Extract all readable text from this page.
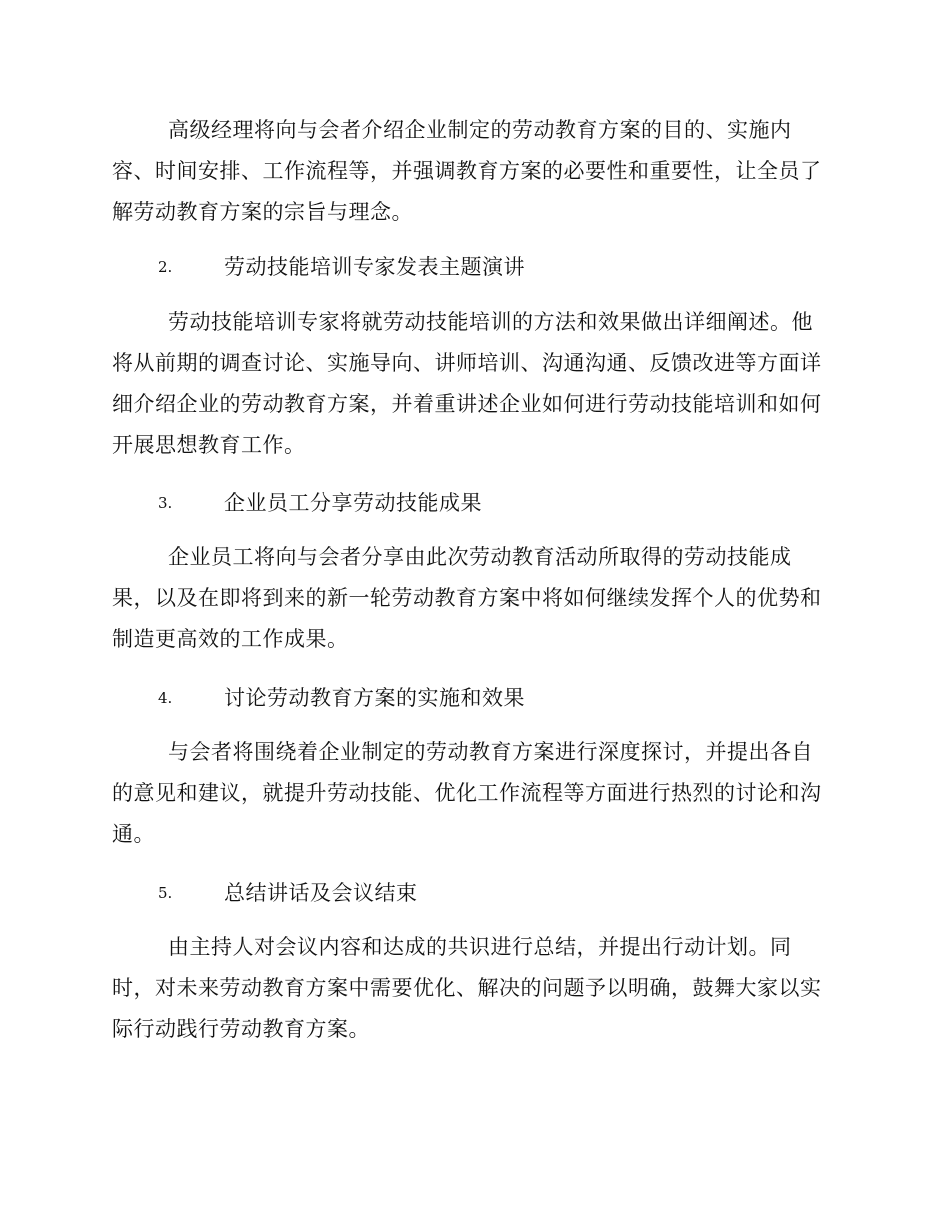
高级经理将向与会者介绍企业制定的劳动教育方案的目的、实施内
容、时间安排、工作流程等，并强调教育方案的必要性和重要性，让全员了
解劳动教育方案的宗旨与理念。
2. 劳动技能培训专家发表主题演讲
劳动技能培训专家将就劳动技能培训的方法和效果做出详细阐述。他
将从前期的调查讨论、实施导向、讲师培训、沟通沟通、反馈改进等方面详
细介绍企业的劳动教育方案，并着重讲述企业如何进行劳动技能培训和如何
开展思想教育工作。
3. 企业员工分享劳动技能成果
企业员工将向与会者分享由此次劳动教育活动所取得的劳动技能成
果，以及在即将到来的新一轮劳动教育方案中将如何继续发挥个人的优势和
制造更高效的工作成果。
4. 讨论劳动教育方案的实施和效果
与会者将围绕着企业制定的劳动教育方案进行深度探讨，并提出各自
的意见和建议，就提升劳动技能、优化工作流程等方面进行热烈的讨论和沟
通。
5. 总结讲话及会议结束
由主持人对会议内容和达成的共识进行总结，并提出行动计划。同
时，对未来劳动教育方案中需要优化、解决的问题予以明确，鼓舞大家以实
际行动践行劳动教育方案。
